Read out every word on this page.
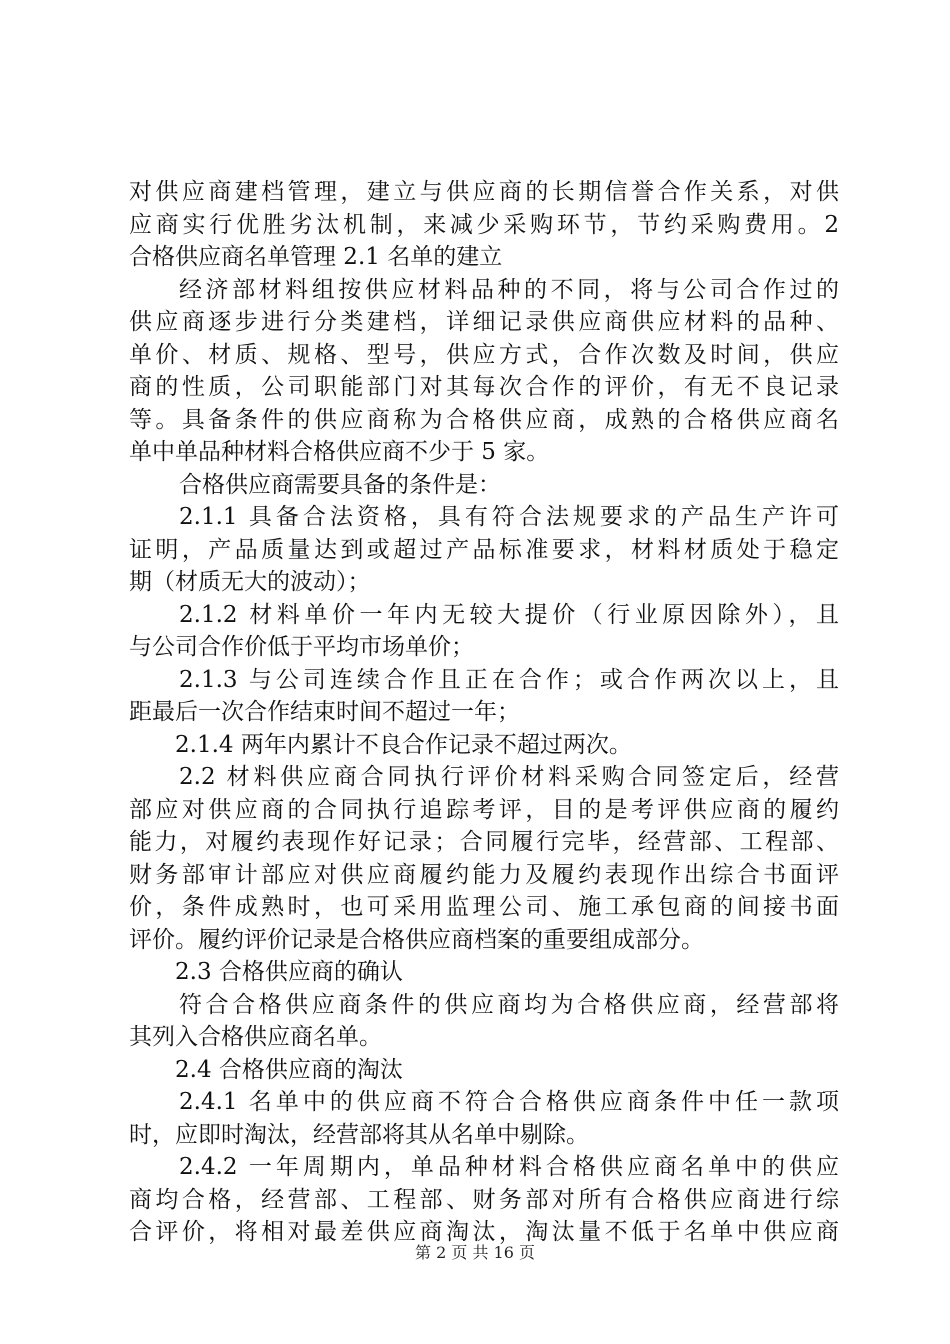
对供应商建档管理，建立与供应商的长期信誉合作关系，对供
应商实行优胜劣汰机制，来减少采购环节，节约采购费用。2
合格供应商名单管理 2.1 名单的建立
经济部材料组按供应材料品种的不同，将与公司合作过的
供应商逐步进行分类建档，详细记录供应商供应材料的品种、
单价、材质、规格、型号，供应方式，合作次数及时间，供应
商的性质，公司职能部门对其每次合作的评价，有无不良记录
等。具备条件的供应商称为合格供应商，成熟的合格供应商名
单中单品种材料合格供应商不少于 5 家。
合格供应商需要具备的条件是：
2.1.1 具备合法资格，具有符合法规要求的产品生产许可
证明，产品质量达到或超过产品标准要求，材料材质处于稳定
期（材质无大的波动）；
2.1.2 材料单价一年内无较大提价（行业原因除外），且
与公司合作价低于平均市场单价；
2.1.3 与公司连续合作且正在合作；或合作两次以上，且
距最后一次合作结束时间不超过一年；
2.1.4 两年内累计不良合作记录不超过两次。
2.2 材料供应商合同执行评价材料采购合同签定后，经营
部应对供应商的合同执行追踪考评，目的是考评供应商的履约
能力，对履约表现作好记录；合同履行完毕，经营部、工程部、
财务部审计部应对供应商履约能力及履约表现作出综合书面评
价，条件成熟时，也可采用监理公司、施工承包商的间接书面
评价。履约评价记录是合格供应商档案的重要组成部分。
2.3 合格供应商的确认
符合合格供应商条件的供应商均为合格供应商，经营部将
其列入合格供应商名单。
2.4 合格供应商的淘汰
2.4.1 名单中的供应商不符合合格供应商条件中任一款项
时，应即时淘汰，经营部将其从名单中剔除。
2.4.2 一年周期内，单品种材料合格供应商名单中的供应
商均合格，经营部、工程部、财务部对所有合格供应商进行综
合评价，将相对最差供应商淘汰，淘汰量不低于名单中供应商
第 2 页 共 16 页
